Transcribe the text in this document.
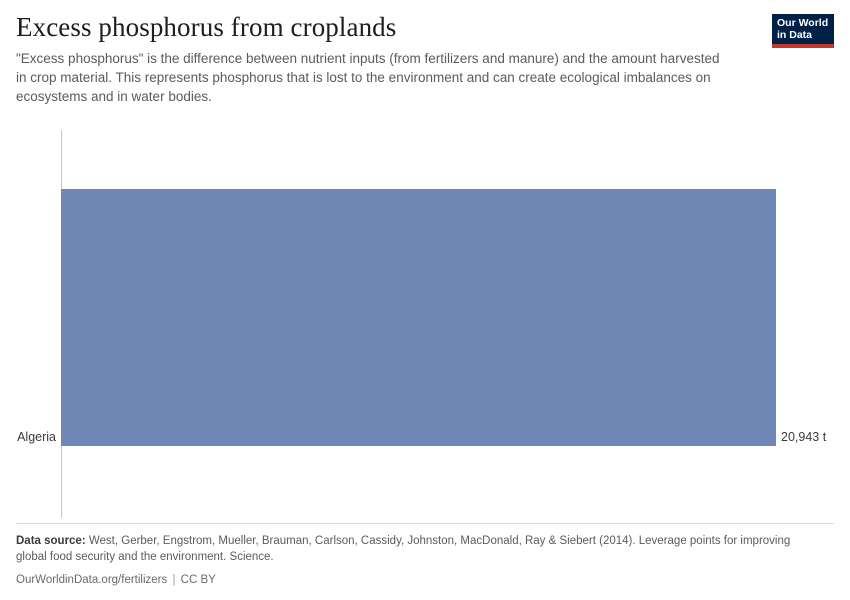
Excess phosphorus from croplands

"Excess phosphorus" is the difference between nutrient inputs (from fertilizers and manure) and the amount harvested in crop material. This represents phosphorus that is lost to the environment and can create ecological imbalances on ecosystems and in water bodies.

Our World
in Data
Algeria	20,943 t

Data source: West, Gerber, Engstrom, Mueller, Brauman, Carlson, Cassidy, Johnston, MacDonald, Ray & Siebert (2014). Leverage points for improving global food security and the environment. Science.

OurWorldinData.org/fertilizers | CC BY
